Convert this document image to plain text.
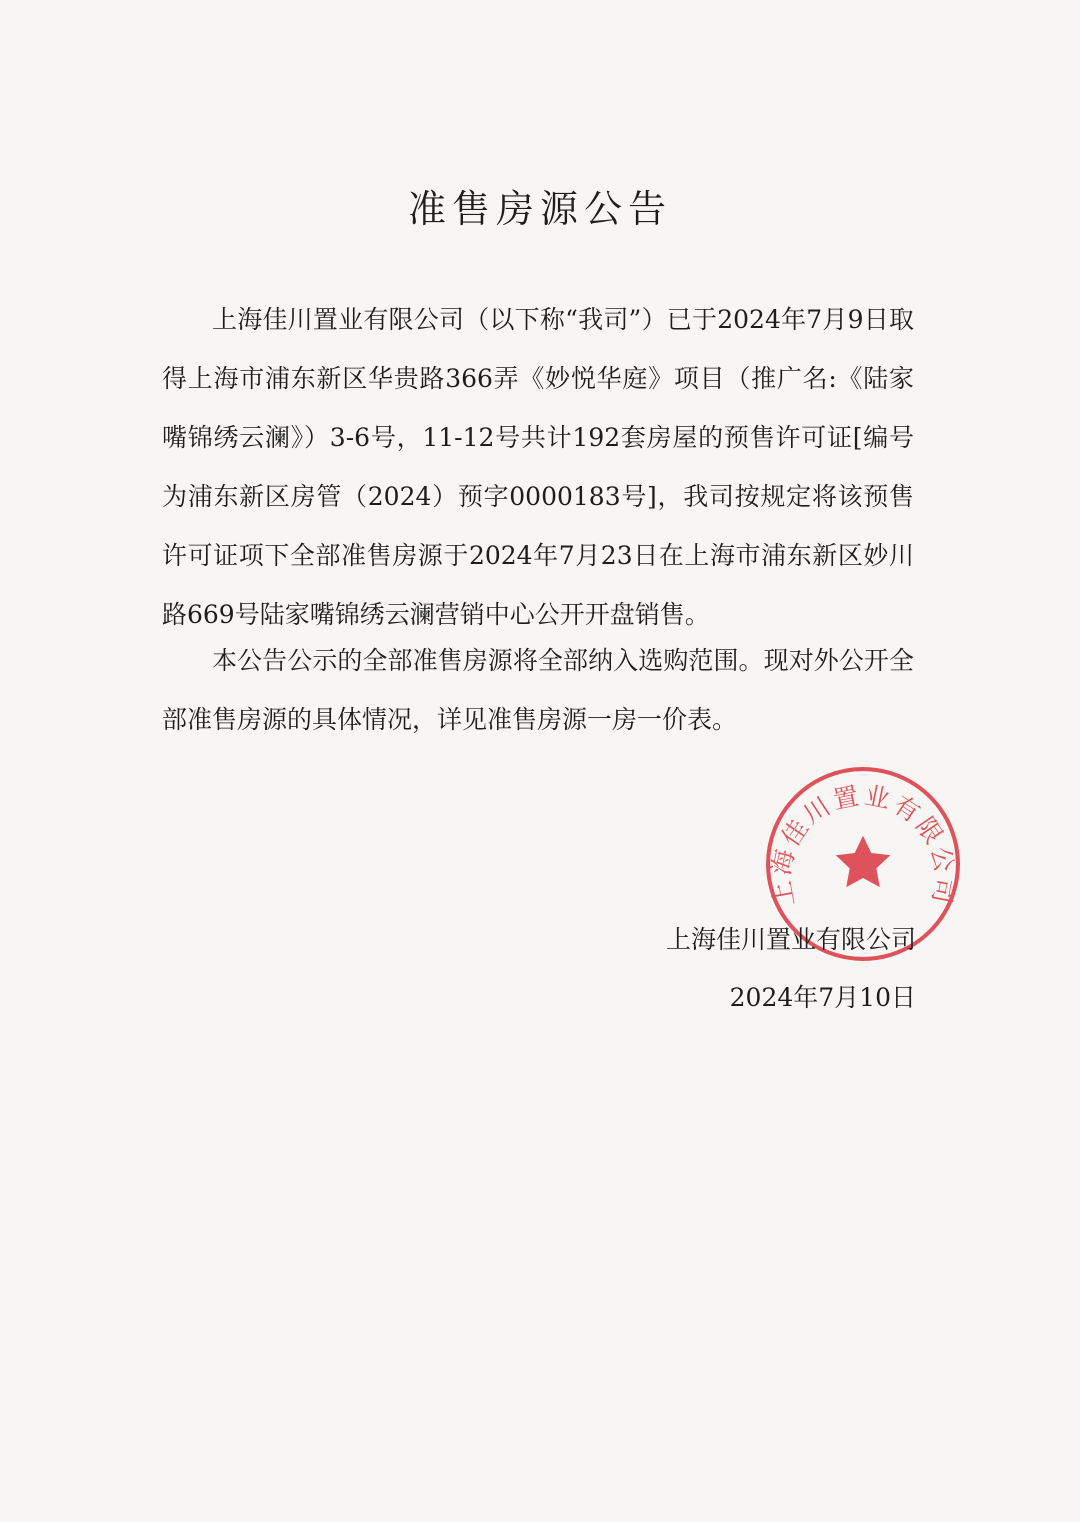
准售房源公告

上海佳川置业有限公司（以下称“我司”）已于2024年7月9日取得上海市浦东新区华贵路366弄《妙悦华庭》项目（推广名:《陆家嘴锦绣云澜》）3-6号，11-12号共计192套房屋的预售许可证[编号为浦东新区房管（2024）预字0000183号]，我司按规定将该预售许可证项下全部准售房源于2024年7月23日在上海市浦东新区妙川路669号陆家嘴锦绣云澜营销中心公开开盘销售。

本公告公示的全部准售房源将全部纳入选购范围。现对外公开全部准售房源的具体情况，详见准售房源一房一价表。

上海佳川置业有限公司

上海佳川置业有限公司

2024年7月10日
